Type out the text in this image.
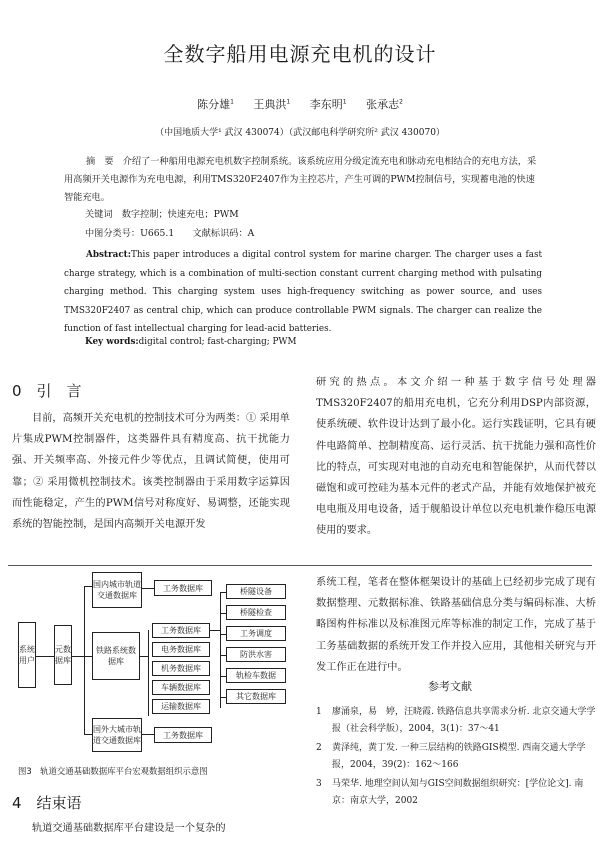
全数字船用电源充电机的设计
陈分雄$^1$ 王典洪$^1$ 李东明$^1$ 张承志$^2$
（中国地质大学¹ 武汉 430074）（武汉邮电科学研究所² 武汉 430070）
摘　要　介绍了一种船用电源充电机数字控制系统。该系统应用分级定流充电和脉动充电相结合的充电方法，采用高频开关电源作为充电电源，利用TMS320F2407作为主控芯片，产生可调的PWM控制信号，实现蓄电池的快速智能充电。
关键词　数字控制；快速充电；PWM
中图分类号：U665.1　　文献标识码：A
Abstract:This paper introduces a digital control system for marine charger. The charger uses a fast charge strategy, which is a combination of multi-section constant current charging method with pulsating charging method. This charging system uses high-frequency switching as power source, and uses TMS320F2407 as central chip, which can produce controllable PWM signals. The charger can realize the function of fast intellectual charging for lead-acid batteries.
Key words:digital control; fast-charging; PWM
0　引　言

目前，高频开关充电机的控制技术可分为两类：① 采用单片集成PWM控制器件，这类器件具有精度高、抗干扰能力强、开关频率高、外接元件少等优点，且调试简便，使用可靠；② 采用微机控制技术。该类控制器由于采用数字运算因而性能稳定，产生的PWM信号对称度好、易调整，还能实现系统的智能控制，是国内高频开关电源开发

研究的热点。本文介绍一种基于数字信号处理器TMS320F2407的船用充电机，它充分利用DSP内部资源，使系统硬、软件设计达到了最小化。运行实践证明，它具有硬件电路简单、控制精度高、运行灵活、抗干扰能力强和高性价比的特点，可实现对电池的自动充电和智能保护，从而代替以磁饱和或可控硅为基本元件的老式产品，并能有效地保护被充电电瓶及用电设备，适于舰船设计单位以充电机兼作稳压电源使用的要求。

系统用户
元数据库
国内城市轨道交通数据库
工务数据库
铁路系统数据库
工务数据库
电务数据库
机务数据库
车辆数据库
运输数据库
国外大城市轨道交通数据库
工务数据库
桥隧设备
桥隧检查
工务调度
防洪水害
轨检车数据
其它数据库
图3　轨道交通基础数据库平台宏观数据组织示意图
4　结束语

轨道交通基础数据库平台建设是一个复杂的

系统工程，笔者在整体框架设计的基础上已经初步完成了现有数据整理、元数据标准、铁路基础信息分类与编码标准、大桥略图构件标准以及标准图元库等标准的制定工作，完成了基于工务基础数据的系统开发工作并投入应用，其他相关研究与开发工作正在进行中。

参考文献
1	廖涌泉，易　婷，汪晓霞. 铁路信息共享需求分析. 北京交通大学学报（社会科学版），2004，3(1)：37～41
2	黄泽纯，黄丁发. 一种三层结构的铁路GIS模型. 西南交通大学学报，2004，39(2)：162～166
3	马荣华. 地理空间认知与GIS空间数据组织研究：[学位论文]. 南京：南京大学，2002
